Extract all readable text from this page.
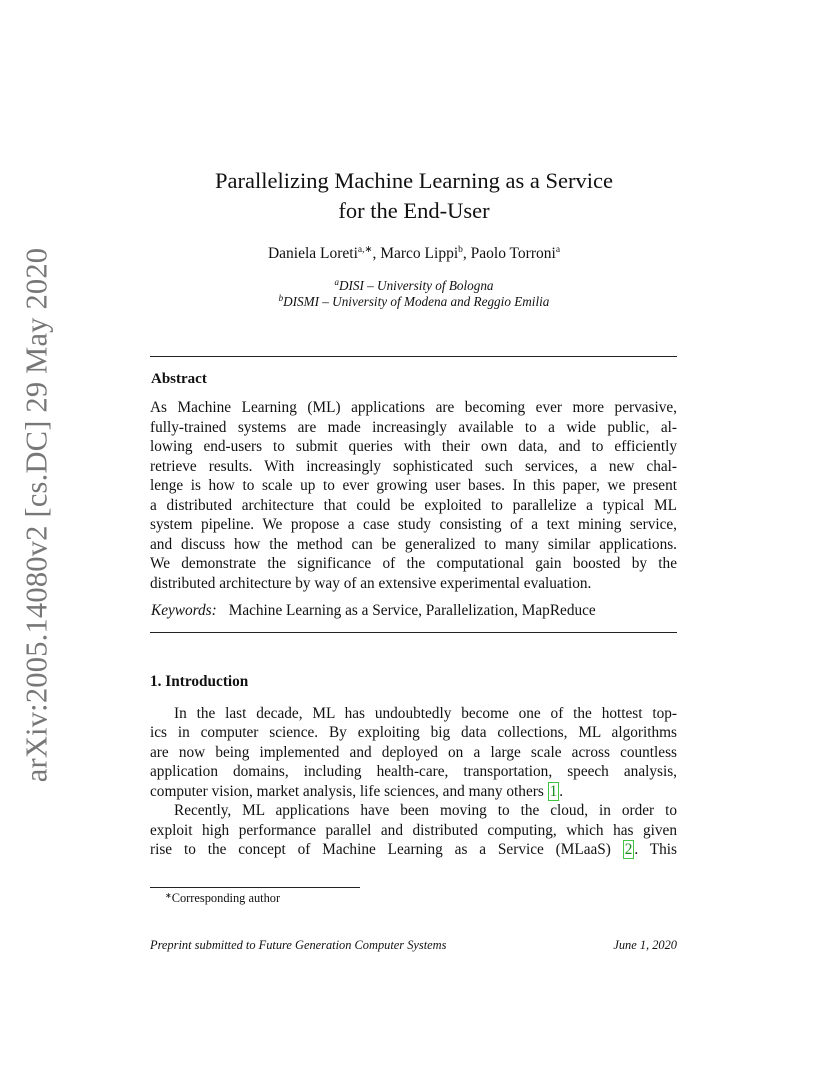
arXiv:2005.14080v2 [cs.DC] 29 May 2020
Parallelizing Machine Learning as a Service
for the End-User
Daniela Loreti$^{a,∗}$, Marco Lippi$^b$, Paolo Torroni$^a$
$^a$DISI – University of Bologna
$^b$DISMI – University of Modena and Reggio Emilia
Abstract
As Machine Learning (ML) applications are becoming ever more pervasive,
fully-trained systems are made increasingly available to a wide public, al-
lowing end-users to submit queries with their own data, and to efficiently
retrieve results. With increasingly sophisticated such services, a new chal-
lenge is how to scale up to ever growing user bases. In this paper, we present
a distributed architecture that could be exploited to parallelize a typical ML
system pipeline. We propose a case study consisting of a text mining service,
and discuss how the method can be generalized to many similar applications.
We demonstrate the significance of the computational gain boosted by the
distributed architecture by way of an extensive experimental evaluation.
Keywords: Machine Learning as a Service, Parallelization, MapReduce
1. Introduction
In the last decade, ML has undoubtedly become one of the hottest top-
ics in computer science. By exploiting big data collections, ML algorithms
are now being implemented and deployed on a large scale across countless
application domains, including health-care, transportation, speech analysis,
computer vision, market analysis, life sciences, and many others 1 .
Recently, ML applications have been moving to the cloud, in order to
exploit high performance parallel and distributed computing, which has given
rise to the concept of Machine Learning as a Service (MLaaS) 2 . This
∗Corresponding author
Preprint submitted to Future Generation Computer Systems	June 1, 2020
